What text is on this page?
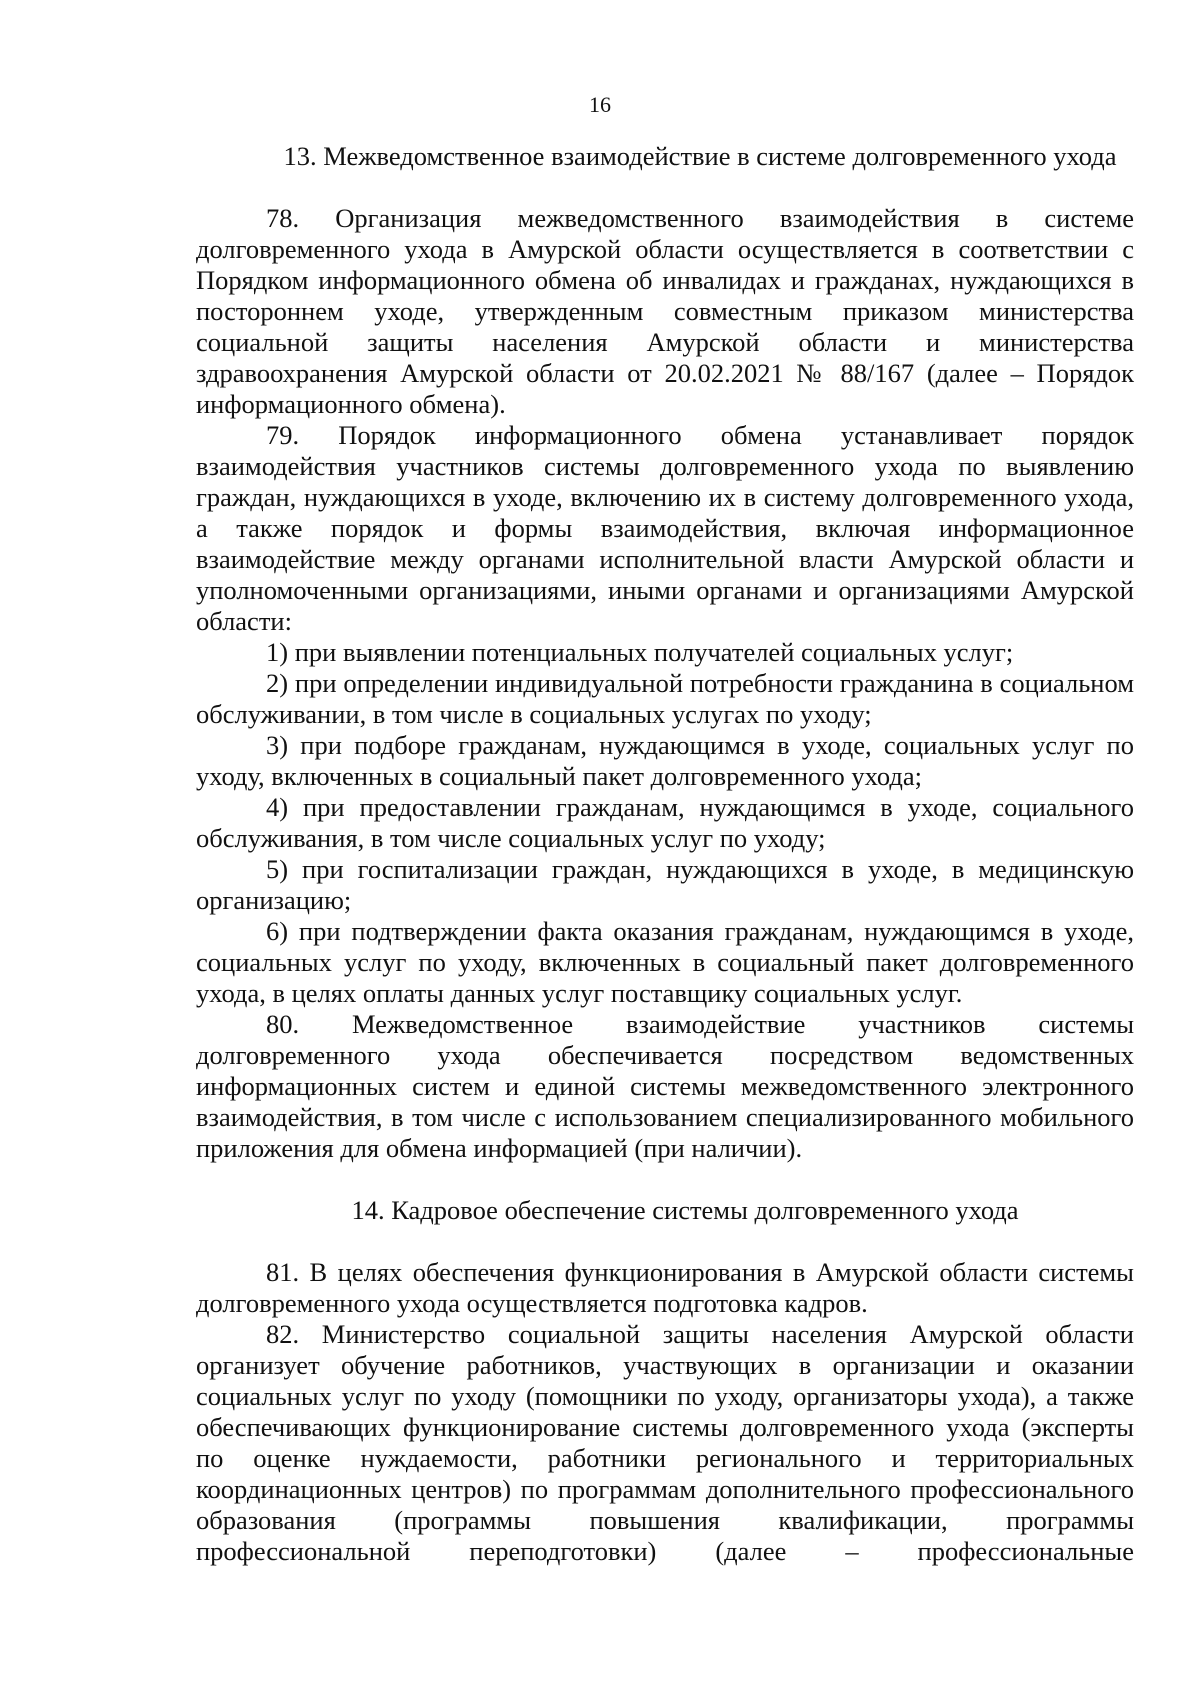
16

13. Межведомственное взаимодействие в системе долговременного ухода

78. Организация межведомственного взаимодействия в системе долговременного ухода в Амурской области осуществляется в соответствии с Порядком информационного обмена об инвалидах и гражданах, нуждающихся в постороннем уходе, утвержденным совместным приказом министерства социальной защиты населения Амурской области и министерства здравоохранения Амурской области от 20.02.2021 № 88/167 (далее – Порядок информационного обмена).

79. Порядок информационного обмена устанавливает порядок взаимодействия участников системы долговременного ухода по выявлению граждан, нуждающихся в уходе, включению их в систему долговременного ухода, а также порядок и формы взаимодействия, включая информационное взаимодействие между органами исполнительной власти Амурской области и уполномоченными организациями, иными органами и организациями Амурской области:

1) при выявлении потенциальных получателей социальных услуг;

2) при определении индивидуальной потребности гражданина в социальном обслуживании, в том числе в социальных услугах по уходу;

3) при подборе гражданам, нуждающимся в уходе, социальных услуг по уходу, включенных в социальный пакет долговременного ухода;

4) при предоставлении гражданам, нуждающимся в уходе, социального обслуживания, в том числе социальных услуг по уходу;

5) при госпитализации граждан, нуждающихся в уходе, в медицинскую организацию;

6) при подтверждении факта оказания гражданам, нуждающимся в уходе, социальных услуг по уходу, включенных в социальный пакет долговременного ухода, в целях оплаты данных услуг поставщику социальных услуг.

80. Межведомственное взаимодействие участников системы долговременного ухода обеспечивается посредством ведомственных информационных систем и единой системы межведомственного электронного взаимодействия, в том числе с использованием специализированного мобильного приложения для обмена информацией (при наличии).

14. Кадровое обеспечение системы долговременного ухода

81. В целях обеспечения функционирования в Амурской области системы долговременного ухода осуществляется подготовка кадров.

82. Министерство социальной защиты населения Амурской области организует обучение работников, участвующих в организации и оказании социальных услуг по уходу (помощники по уходу, организаторы ухода), а также обеспечивающих функционирование системы долговременного ухода (эксперты по оценке нуждаемости, работники регионального и территориальных координационных центров) по программам дополнительного профессионального образования (программы повышения квалификации, программы профессиональной переподготовки) (далее – профессиональные
